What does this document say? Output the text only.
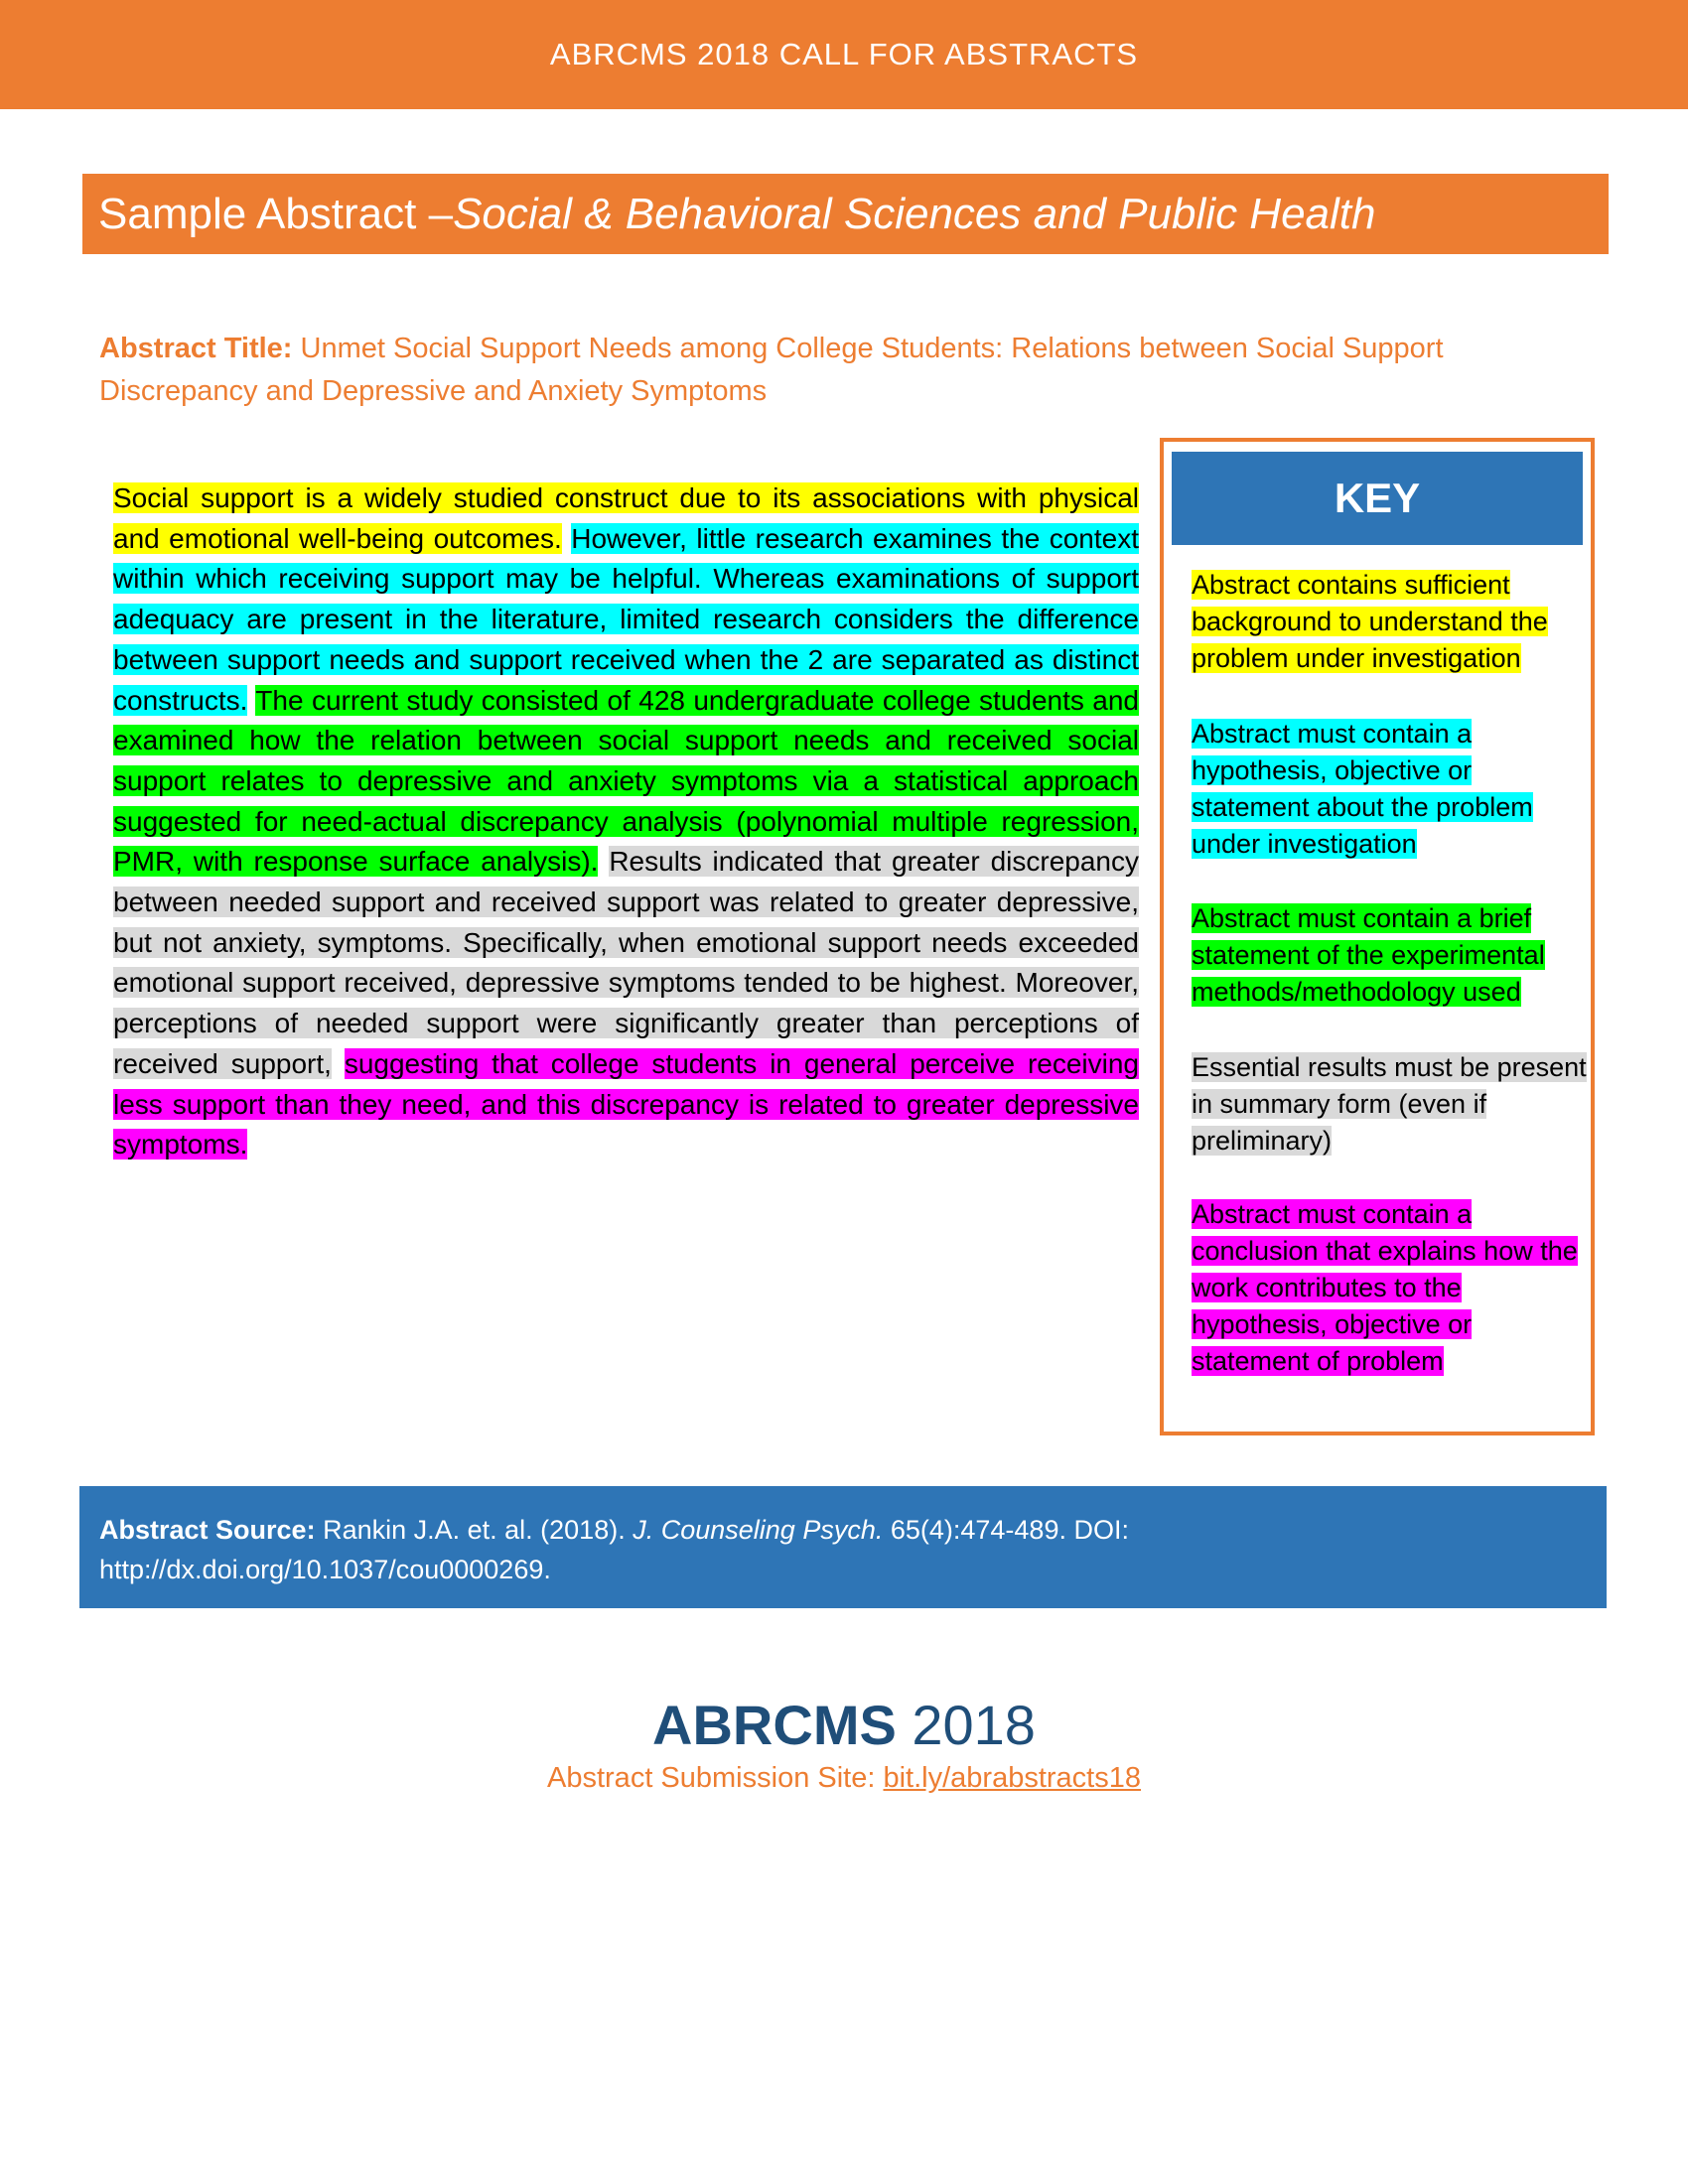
ABRCMS 2018 CALL FOR ABSTRACTS
Sample Abstract – Social & Behavioral Sciences and Public Health
Abstract Title: Unmet Social Support Needs among College Students: Relations between Social Support Discrepancy and Depressive and Anxiety Symptoms
Social support is a widely studied construct due to its associations with physical and emotional well-being outcomes. However, little research examines the context within which receiving support may be helpful. Whereas examinations of support adequacy are present in the literature, limited research considers the difference between support needs and support received when the 2 are separated as distinct constructs. The current study consisted of 428 undergraduate college students and examined how the relation between social support needs and received social support relates to depressive and anxiety symptoms via a statistical approach suggested for need-actual discrepancy analysis (polynomial multiple regression, PMR, with response surface analysis). Results indicated that greater discrepancy between needed support and received support was related to greater depressive, but not anxiety, symptoms. Specifically, when emotional support needs exceeded emotional support received, depressive symptoms tended to be highest. Moreover, perceptions of needed support were significantly greater than perceptions of received support, suggesting that college students in general perceive receiving less support than they need, and this discrepancy is related to greater depressive symptoms.
KEY
Abstract contains sufficient background to understand the problem under investigation
Abstract must contain a hypothesis, objective or statement about the problem under investigation
Abstract must contain a brief statement of the experimental methods/methodology used
Essential results must be present in summary form (even if preliminary)
Abstract must contain a conclusion that explains how the work contributes to the hypothesis, objective or statement of problem
Abstract Source: Rankin J.A. et. al. (2018). J. Counseling Psych. 65(4):474-489. DOI: http://dx.doi.org/10.1037/cou0000269.
ABRCMS 2018
Abstract Submission Site: bit.ly/abrabstracts18
